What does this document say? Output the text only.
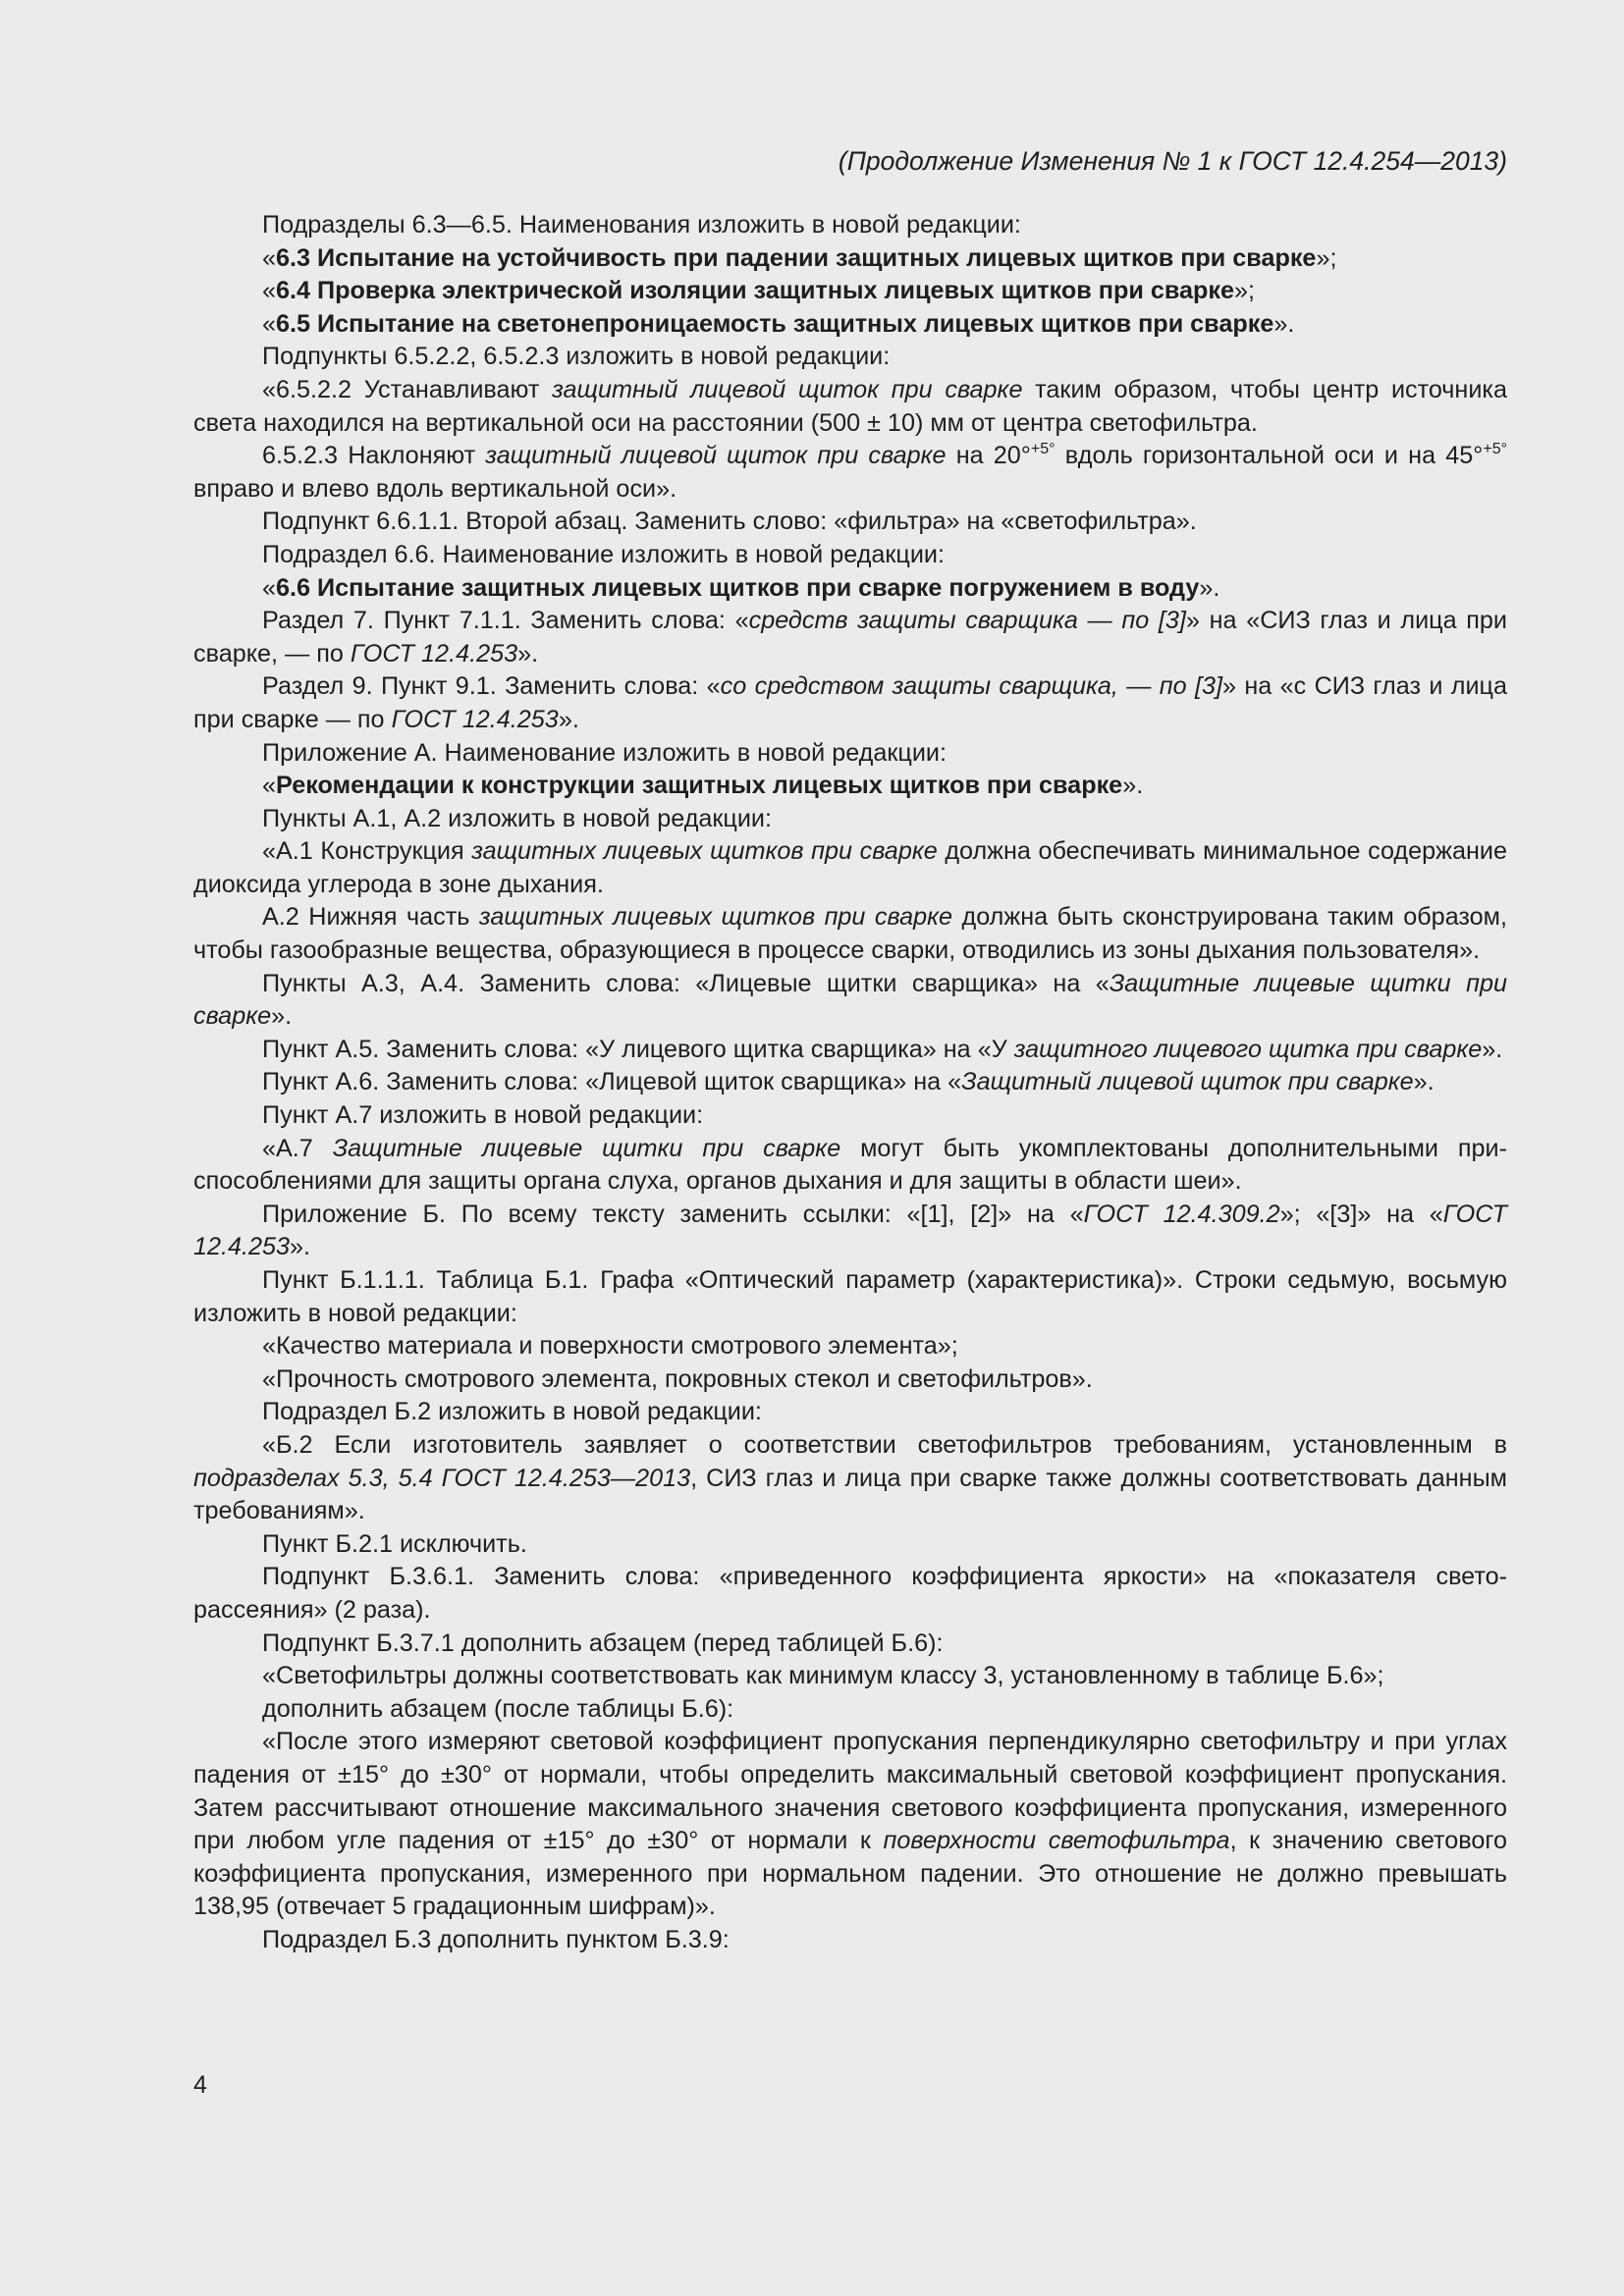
(Продолжение Изменения № 1 к ГОСТ 12.4.254—2013)

Подразделы 6.3—6.5. Наименования изложить в новой редакции:

«6.3 Испытание на устойчивость при падении защитных лицевых щитков при сварке»;

«6.4 Проверка электрической изоляции защитных лицевых щитков при сварке»;

«6.5 Испытание на светонепроницаемость защитных лицевых щитков при сварке».

Подпункты 6.5.2.2, 6.5.2.3 изложить в новой редакции:

«6.5.2.2 Устанавливают защитный лицевой щиток при сварке таким образом, чтобы центр источника света находился на вертикальной оси на расстоянии (500 ± 10) мм от центра светофильтра.

6.5.2.3 Наклоняют защитный лицевой щиток при сварке на 20°$^{+5^\circ}$ вдоль горизонтальной оси и на 45°$^{+5^\circ}$ вправо и влево вдоль вертикальной оси».

Подпункт 6.6.1.1. Второй абзац. Заменить слово: «фильтра» на «светофильтра».

Подраздел 6.6. Наименование изложить в новой редакции:

«6.6 Испытание защитных лицевых щитков при сварке погружением в воду».

Раздел 7. Пункт 7.1.1. Заменить слова: «средств защиты сварщика — по [3]» на «СИЗ глаз и лица при сварке, — по ГОСТ 12.4.253».

Раздел 9. Пункт 9.1. Заменить слова: «со средством защиты сварщика, — по [3]» на «с СИЗ глаз и лица при сварке — по ГОСТ 12.4.253».

Приложение А. Наименование изложить в новой редакции:

«Рекомендации к конструкции защитных лицевых щитков при сварке».

Пункты А.1, А.2 изложить в новой редакции:

«А.1 Конструкция защитных лицевых щитков при сварке должна обеспечивать минимальное содержание диоксида углерода в зоне дыхания.

А.2 Нижняя часть защитных лицевых щитков при сварке должна быть сконструирована таким образом, чтобы газообразные вещества, образующиеся в процессе сварки, отводились из зоны дыхания пользователя».

Пункты А.3, А.4. Заменить слова: «Лицевые щитки сварщика» на «Защитные лицевые щитки при сварке».

Пункт А.5. Заменить слова: «У лицевого щитка сварщика» на «У защитного лицевого щитка при сварке».

Пункт А.6. Заменить слова: «Лицевой щиток сварщика» на «Защитный лицевой щиток при сварке».

Пункт А.7 изложить в новой редакции:

«А.7 Защитные лицевые щитки при сварке могут быть укомплектованы дополнительными приспособлениями для защиты органа слуха, органов дыхания и для защиты в области шеи».

Приложение Б. По всему тексту заменить ссылки: «[1], [2]» на «ГОСТ 12.4.309.2»; «[3]» на «ГОСТ 12.4.253».

Пункт Б.1.1.1. Таблица Б.1. Графа «Оптический параметр (характеристика)». Строки седьмую, восьмую изложить в новой редакции:

«Качество материала и поверхности смотрового элемента»;

«Прочность смотрового элемента, покровных стекол и светофильтров».

Подраздел Б.2 изложить в новой редакции:

«Б.2 Если изготовитель заявляет о соответствии светофильтров требованиям, установленным в подразделах 5.3, 5.4 ГОСТ 12.4.253—2013, СИЗ глаз и лица при сварке также должны соответствовать данным требованиям».

Пункт Б.2.1 исключить.

Подпункт Б.3.6.1. Заменить слова: «приведенного коэффициента яркости» на «показателя светорассеяния» (2 раза).

Подпункт Б.3.7.1 дополнить абзацем (перед таблицей Б.6):

«Светофильтры должны соответствовать как минимум классу 3, установленному в таблице Б.6»;

дополнить абзацем (после таблицы Б.6):

«После этого измеряют световой коэффициент пропускания перпендикулярно светофильтру и при углах падения от ±15° до ±30° от нормали, чтобы определить максимальный световой коэффициент пропускания. Затем рассчитывают отношение максимального значения светового коэффициента пропускания, измеренного при любом угле падения от ±15° до ±30° от нормали к поверхности светофильтра, к значению светового коэффициента пропускания, измеренного при нормальном падении. Это отношение не должно превышать 138,95 (отвечает 5 градационным шифрам)».

Подраздел Б.3 дополнить пунктом Б.3.9:

4
